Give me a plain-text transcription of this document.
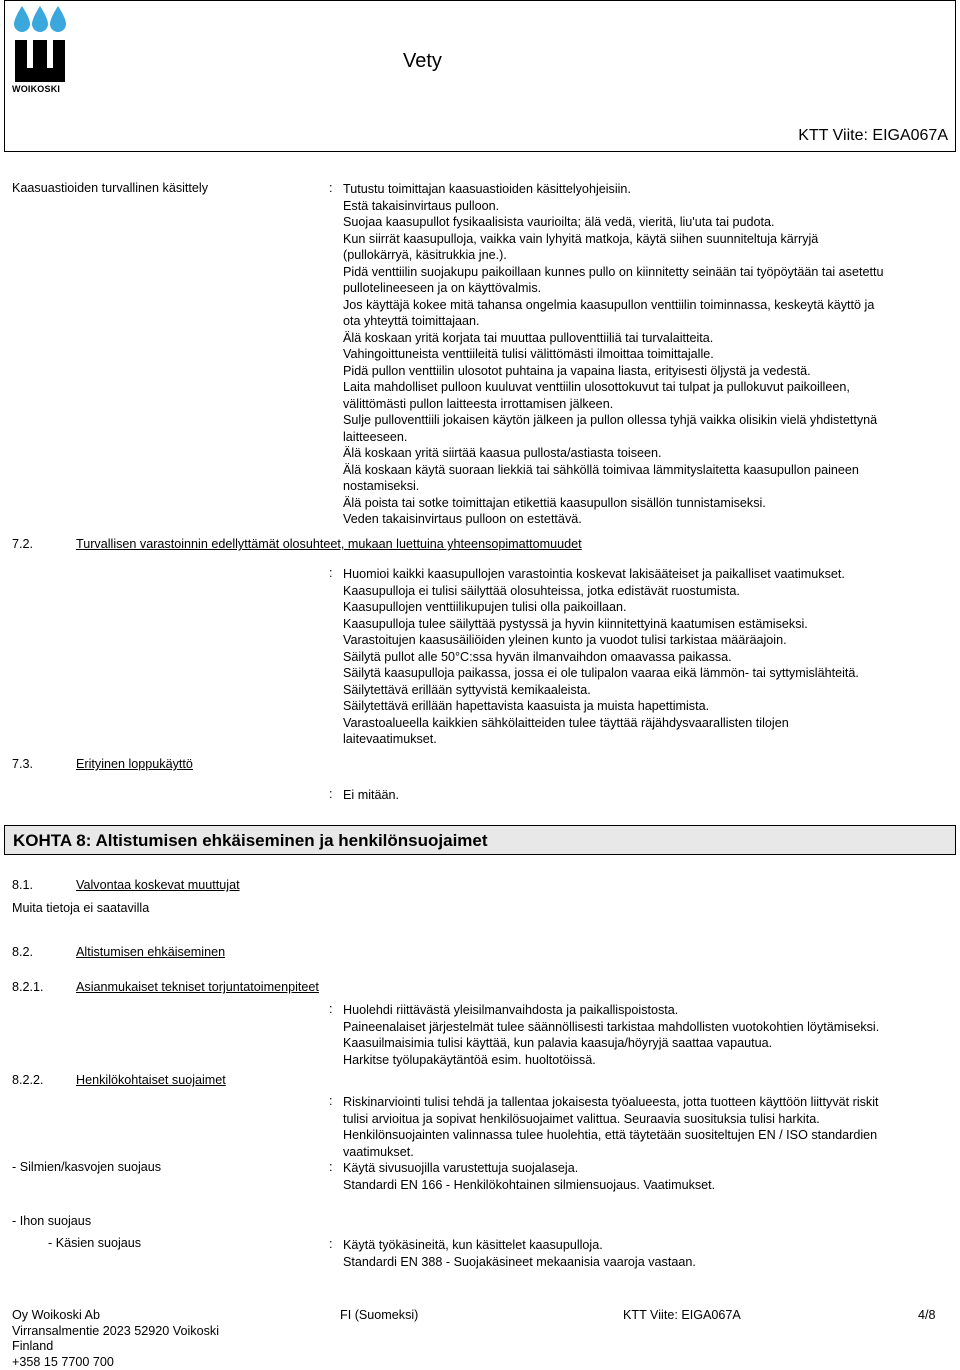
WOIKOSKI
Vety
KTT Viite: EIGA067A
Kaasuastioiden turvallinen käsittely	: Tutustu toimittajan kaasuastioiden käsittelyohjeisiin.
Estä takaisinvirtaus pulloon.
Suojaa kaasupullot fysikaalisista vaurioilta; älä vedä, vieritä, liu'uta tai pudota.
Kun siirrät kaasupulloja, vaikka vain lyhyitä matkoja, käytä siihen suunniteltuja kärryjä
(pullokärryä, käsitrukkia jne.).
Pidä venttiilin suojakupu paikoillaan kunnes pullo on kiinnitetty seinään tai työpöytään tai asetettu
pullotelineeseen ja on käyttövalmis.
Jos käyttäjä kokee mitä tahansa ongelmia kaasupullon venttiilin toiminnassa, keskeytä käyttö ja
ota yhteyttä toimittajaan.
Älä koskaan yritä korjata tai muuttaa pulloventtiiliä tai turvalaitteita.
Vahingoittuneista venttiileitä tulisi välittömästi ilmoittaa toimittajalle.
Pidä pullon venttiilin ulosotot puhtaina ja vapaina liasta, erityisesti öljystä ja vedestä.
Laita mahdolliset pulloon kuuluvat venttiilin ulosottokuvut tai tulpat ja pullokuvut paikoilleen,
välittömästi pullon laitteesta irrottamisen jälkeen.
Sulje pulloventtiili jokaisen käytön jälkeen ja pullon ollessa tyhjä vaikka olisikin vielä yhdistettynä
laitteeseen.
Älä koskaan yritä siirtää kaasua pullosta/astiasta toiseen.
Älä koskaan käytä suoraan liekkiä tai sähköllä toimivaa lämmityslaitetta kaasupullon paineen
nostamiseksi.
Älä poista tai sotke toimittajan etikettiä kaasupullon sisällön tunnistamiseksi.
Veden takaisinvirtaus pulloon on estettävä.
7.2.	Turvallisen varastoinnin edellyttämät olosuhteet, mukaan luettuina yhteensopimattomuudet
: Huomioi kaikki kaasupullojen varastointia koskevat lakisääteiset ja paikalliset vaatimukset.
Kaasupulloja ei tulisi säilyttää olosuhteissa, jotka edistävät ruostumista.
Kaasupullojen venttiilikupujen tulisi olla paikoillaan.
Kaasupulloja tulee säilyttää pystyssä ja hyvin kiinnitettyinä kaatumisen estämiseksi.
Varastoitujen kaasusäiliöiden yleinen kunto ja vuodot tulisi tarkistaa määräajoin.
Säilytä pullot alle 50°C:ssa hyvän ilmanvaihdon omaavassa paikassa.
Säilytä kaasupulloja paikassa, jossa ei ole tulipalon vaaraa eikä lämmön- tai syttymislähteitä.
Säilytettävä erillään syttyvistä kemikaaleista.
Säilytettävä erillään hapettavista kaasuista ja muista hapettimista.
Varastoalueella kaikkien sähkölaitteiden tulee täyttää räjähdysvaarallisten tilojen
laitevaatimukset.
7.3.	Erityinen loppukäyttö
: Ei mitään.
KOHTA 8: Altistumisen ehkäiseminen ja henkilönsuojaimet
8.1.	Valvontaa koskevat muuttujat
Muita tietoja ei saatavilla
8.2.	Altistumisen ehkäiseminen
8.2.1.	Asianmukaiset tekniset torjuntatoimenpiteet
: Huolehdi riittävästä yleisilmanvaihdosta ja paikallispoistosta.
Paineenalaiset järjestelmät tulee säännöllisesti tarkistaa mahdollisten vuotokohtien löytämiseksi.
Kaasuilmaisimia tulisi käyttää, kun palavia kaasuja/höyryjä saattaa vapautua.
Harkitse työlupakäytäntöä esim. huoltotöissä.
8.2.2.	Henkilökohtaiset suojaimet
: Riskinarviointi tulisi tehdä ja tallentaa jokaisesta työalueesta, jotta tuotteen käyttöön liittyvät riskit
tulisi arvioitua ja sopivat henkilösuojaimet valittua. Seuraavia suosituksia tulisi harkita.
Henkilönsuojainten valinnassa tulee huolehtia, että täytetään suositeltujen EN / ISO standardien
vaatimukset.
- Silmien/kasvojen suojaus	: Käytä sivusuojilla varustettuja suojalaseja.
Standardi EN 166 - Henkilökohtainen silmiensuojaus. Vaatimukset.
- Ihon suojaus
- Käsien suojaus	: Käytä työkäsineitä, kun käsittelet kaasupulloja.
Standardi EN 388 - Suojakäsineet mekaanisia vaaroja vastaan.
Oy Woikoski Ab
Virransalmentie 2023 52920 Voikoski
Finland
+358 15 7700 700
FI (Suomeksi)	KTT Viite: EIGA067A	4/8
